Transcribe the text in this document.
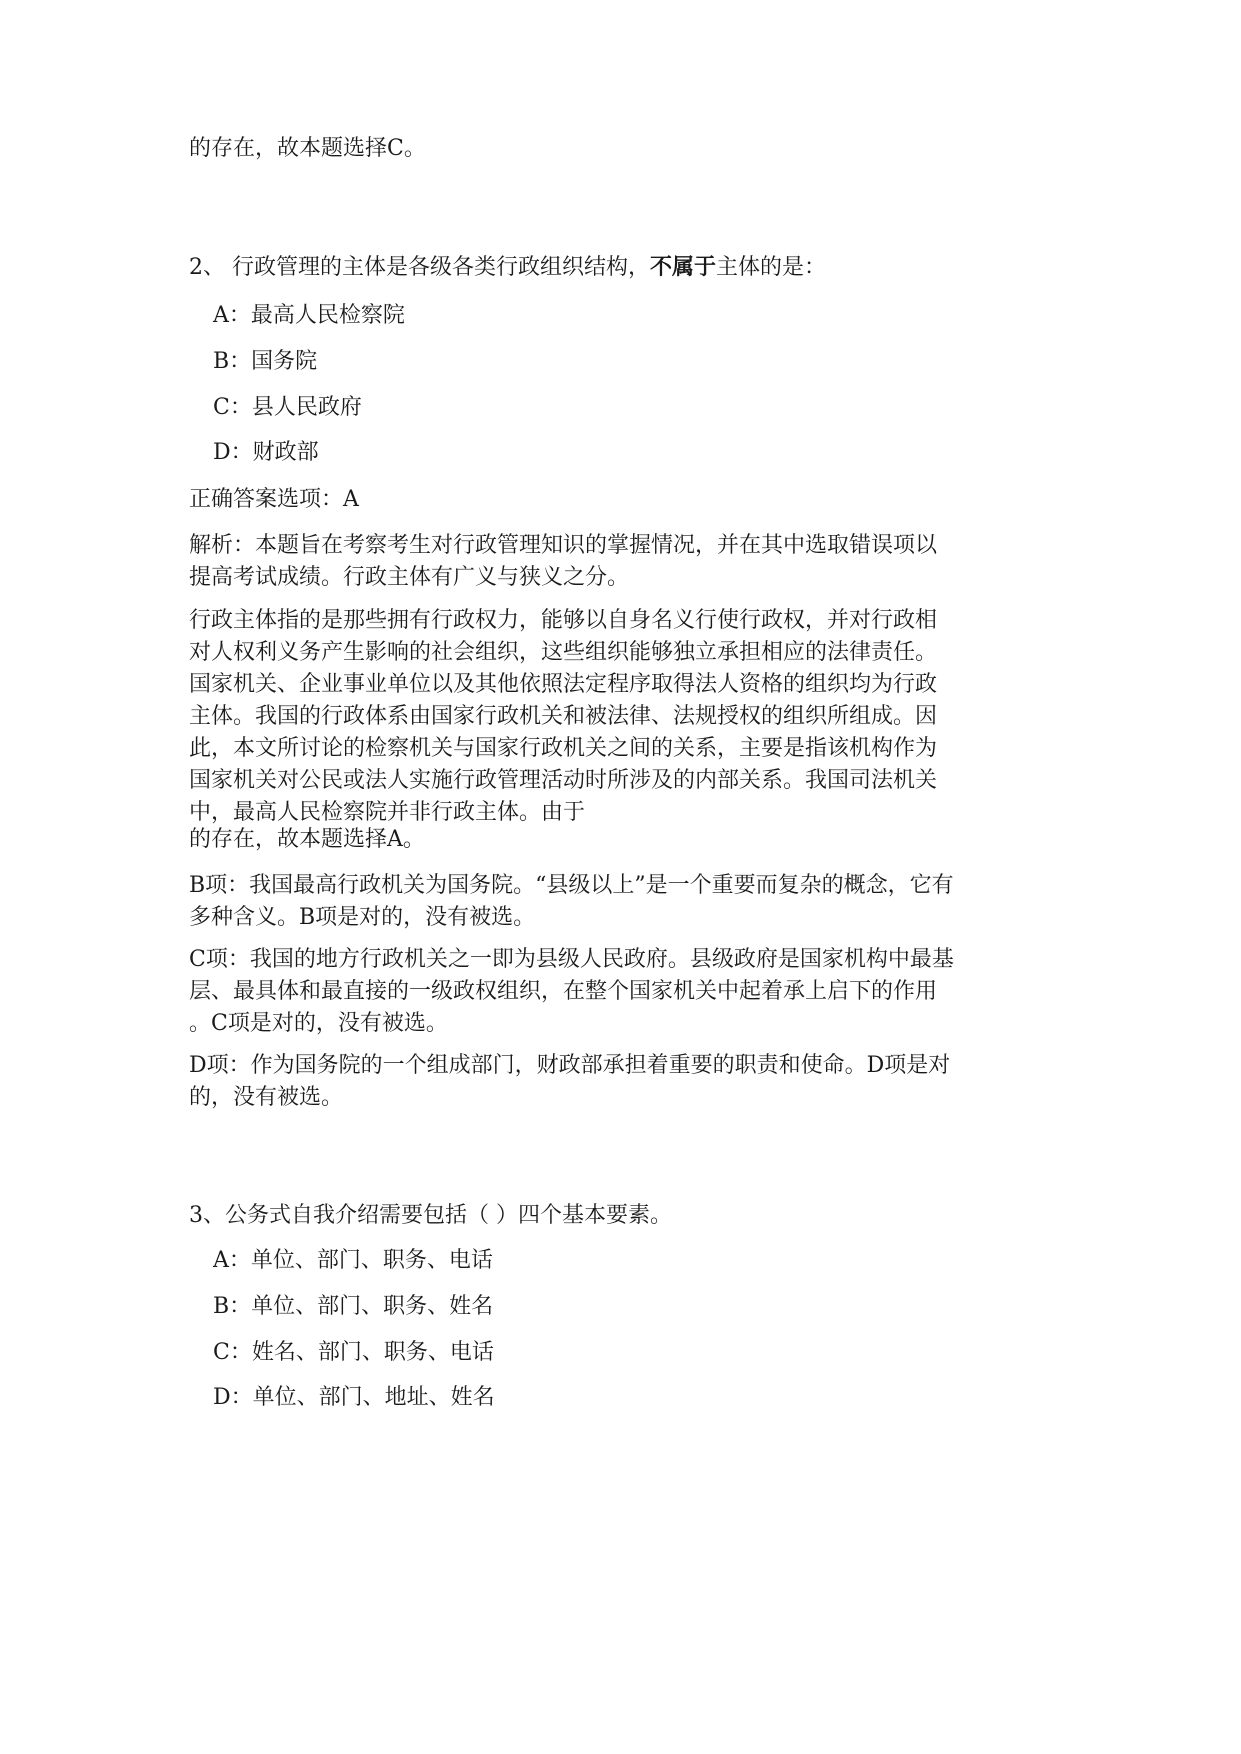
的存在，故本题选择C。
2、 行政管理的主体是各级各类行政组织结构，不属于主体的是：
A：最高人民检察院
B：国务院
C：县人民政府
D：财政部
正确答案选项：A
解析：本题旨在考察考生对行政管理知识的掌握情况，并在其中选取错误项以
提高考试成绩。行政主体有广义与狭义之分。
行政主体指的是那些拥有行政权力，能够以自身名义行使行政权，并对行政相
对人权利义务产生影响的社会组织，这些组织能够独立承担相应的法律责任。
国家机关、企业事业单位以及其他依照法定程序取得法人资格的组织均为行政
主体。我国的行政体系由国家行政机关和被法律、法规授权的组织所组成。因
此，本文所讨论的检察机关与国家行政机关之间的关系，主要是指该机构作为
国家机关对公民或法人实施行政管理活动时所涉及的内部关系。我国司法机关
中，最高人民检察院并非行政主体。由于
的存在，故本题选择A。
B项：我国最高行政机关为国务院。“县级以上”是一个重要而复杂的概念，它有
多种含义。B项是对的，没有被选。
C项：我国的地方行政机关之一即为县级人民政府。县级政府是国家机构中最基
层、最具体和最直接的一级政权组织，在整个国家机关中起着承上启下的作用
。C项是对的，没有被选。
D项：作为国务院的一个组成部门，财政部承担着重要的职责和使命。D项是对
的，没有被选。
3、公务式自我介绍需要包括（ ）四个基本要素。
A：单位、部门、职务、电话
B：单位、部门、职务、姓名
C：姓名、部门、职务、电话
D：单位、部门、地址、姓名
